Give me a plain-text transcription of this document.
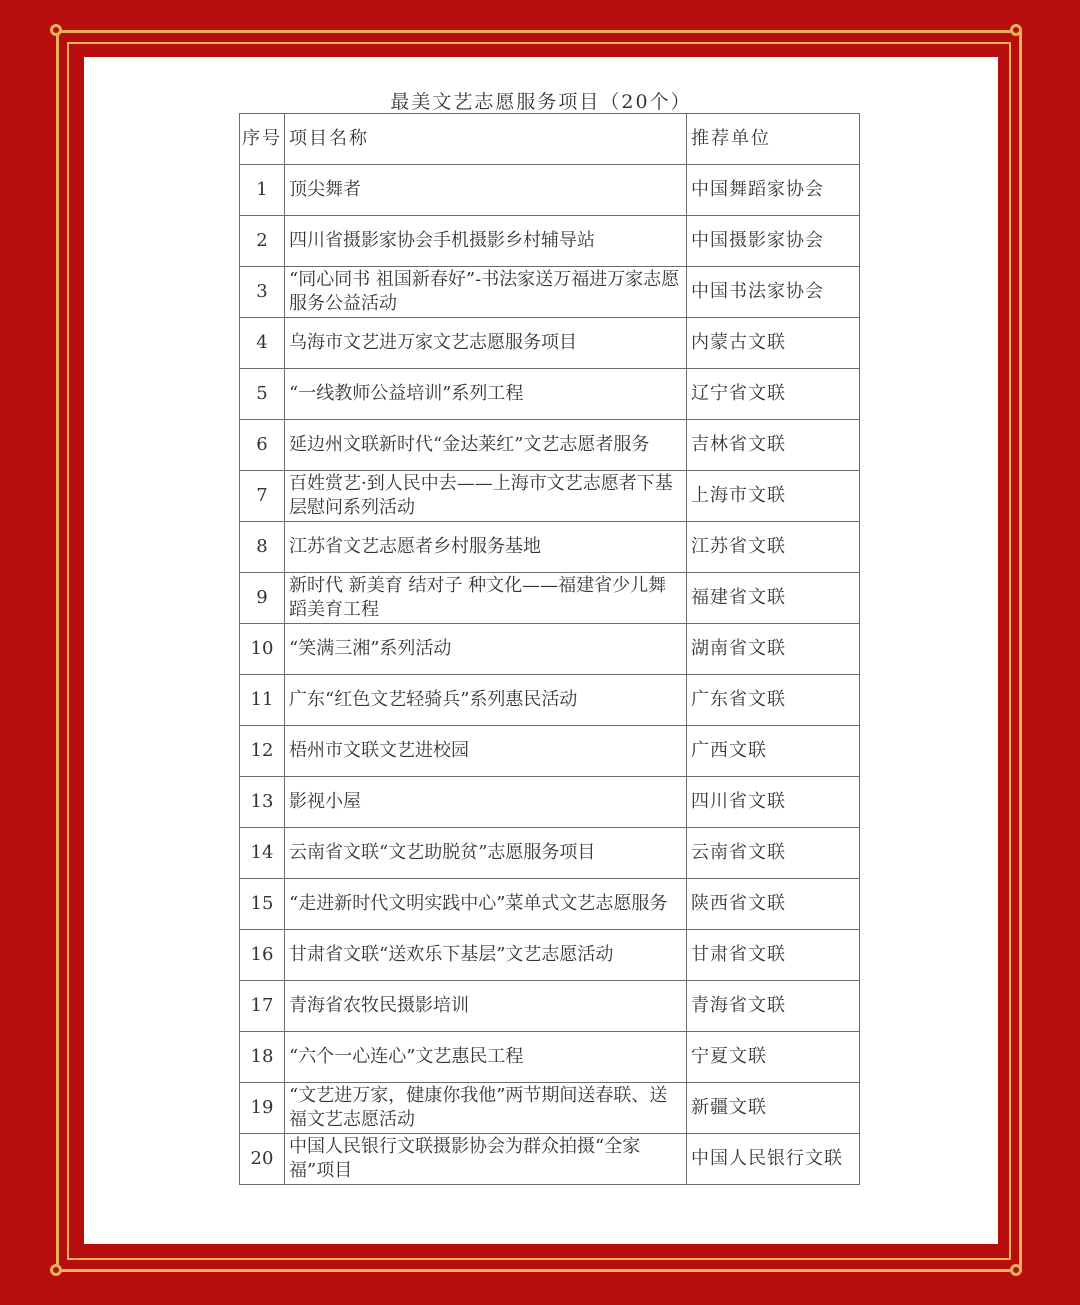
最美文艺志愿服务项目（20个）
序号	项目名称	推荐单位
1	顶尖舞者	中国舞蹈家协会
2	四川省摄影家协会手机摄影乡村辅导站	中国摄影家协会
3	“同心同书 祖国新春好”-书法家送万福进万家志愿服务公益活动	中国书法家协会
4	乌海市文艺进万家文艺志愿服务项目	内蒙古文联
5	“一线教师公益培训”系列工程	辽宁省文联
6	延边州文联新时代“金达莱红”文艺志愿者服务	吉林省文联
7	百姓赏艺·到人民中去——上海市文艺志愿者下基层慰问系列活动	上海市文联
8	江苏省文艺志愿者乡村服务基地	江苏省文联
9	新时代 新美育 结对子 种文化——福建省少儿舞蹈美育工程	福建省文联
10	“笑满三湘”系列活动	湖南省文联
11	广东“红色文艺轻骑兵”系列惠民活动	广东省文联
12	梧州市文联文艺进校园	广西文联
13	影视小屋	四川省文联
14	云南省文联“文艺助脱贫”志愿服务项目	云南省文联
15	“走进新时代文明实践中心”菜单式文艺志愿服务	陕西省文联
16	甘肃省文联“送欢乐下基层”文艺志愿活动	甘肃省文联
17	青海省农牧民摄影培训	青海省文联
18	“六个一心连心”文艺惠民工程	宁夏文联
19	“文艺进万家，健康你我他”两节期间送春联、送福文艺志愿活动	新疆文联
20	中国人民银行文联摄影协会为群众拍摄“全家福”项目	中国人民银行文联
